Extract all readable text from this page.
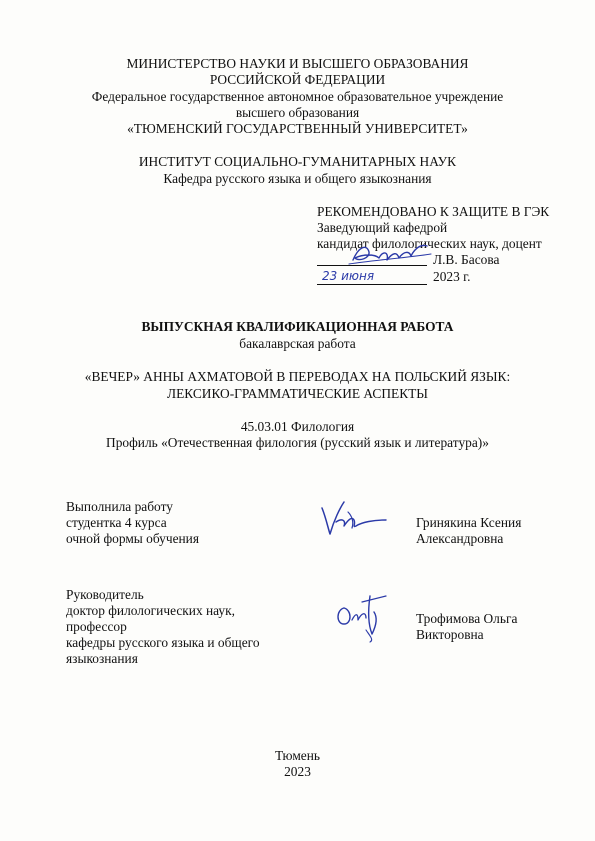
МИНИСТЕРСТВО НАУКИ И ВЫСШЕГО ОБРАЗОВАНИЯ
РОССИЙСКОЙ ФЕДЕРАЦИИ
Федеральное государственное автономное образовательное учреждение
высшего образования
«ТЮМЕНСКИЙ ГОСУДАРСТВЕННЫЙ УНИВЕРСИТЕТ»
ИНСТИТУТ СОЦИАЛЬНО-ГУМАНИТАРНЫХ НАУК
Кафедра русского языка и общего языкознания
РЕКОМЕНДОВАНО К ЗАЩИТЕ В ГЭК
Заведующий кафедрой
кандидат филологических наук, доцент
Л.В. Басова
23 июня	2023 г.
ВЫПУСКНАЯ КВАЛИФИКАЦИОННАЯ РАБОТА
бакалаврская работа
«ВЕЧЕР» АННЫ АХМАТОВОЙ В ПЕРЕВОДАХ НА ПОЛЬСКИЙ ЯЗЫК:
ЛЕКСИКО-ГРАММАТИЧЕСКИЕ АСПЕКТЫ
45.03.01 Филология
Профиль «Отечественная филология (русский язык и литература)»
Выполнила работу
студентка 4 курса
очной формы обучения
Гринякина Ксения
Александровна
Руководитель
доктор филологических наук,
профессор
кафедры русского языка и общего
языкознания
Трофимова Ольга
Викторовна
Тюмень
2023
